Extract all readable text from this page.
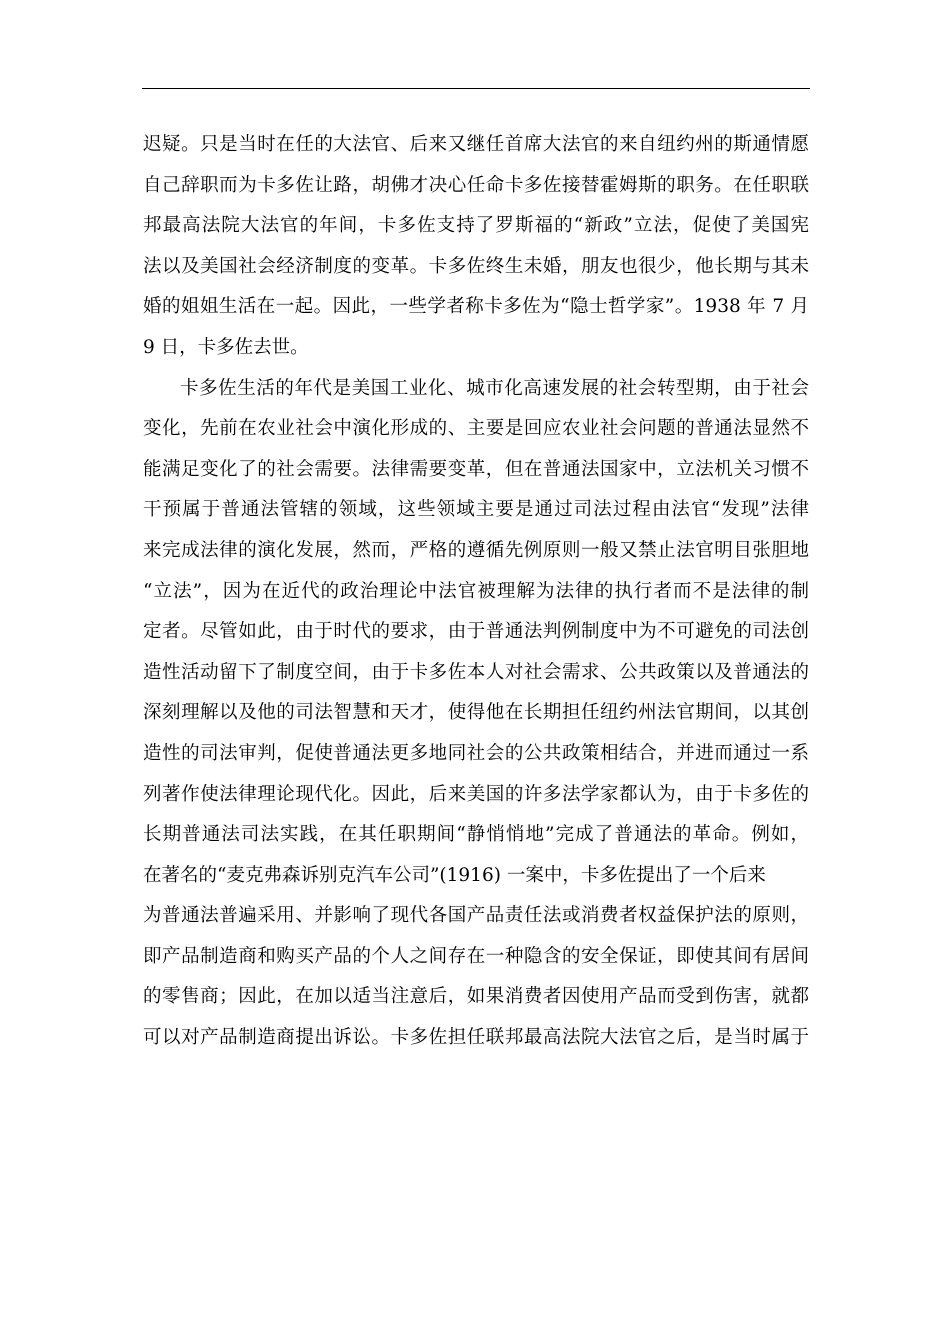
迟疑。只是当时在任的大法官、后来又继任首席大法官的来自纽约州的斯通情愿
自己辞职而为卡多佐让路，胡佛才决心任命卡多佐接替霍姆斯的职务。在任职联
邦最高法院大法官的年间，卡多佐支持了罗斯福的“新政”立法，促使了美国宪
法以及美国社会经济制度的变革。卡多佐终生未婚，朋友也很少，他长期与其未
婚的姐姐生活在一起。因此，一些学者称卡多佐为“隐士哲学家”。1938 年 7 月
9 日，卡多佐去世。
卡多佐生活的年代是美国工业化、城市化高速发展的社会转型期，由于社会
变化，先前在农业社会中演化形成的、主要是回应农业社会问题的普通法显然不
能满足变化了的社会需要。法律需要变革，但在普通法国家中，立法机关习惯不
干预属于普通法管辖的领域，这些领域主要是通过司法过程由法官“发现”法律
来完成法律的演化发展，然而，严格的遵循先例原则一般又禁止法官明目张胆地
“立法”，因为在近代的政治理论中法官被理解为法律的执行者而不是法律的制
定者。尽管如此，由于时代的要求，由于普通法判例制度中为不可避免的司法创
造性活动留下了制度空间，由于卡多佐本人对社会需求、公共政策以及普通法的
深刻理解以及他的司法智慧和天才，使得他在长期担任纽约州法官期间，以其创
造性的司法审判，促使普通法更多地同社会的公共政策相结合，并进而通过一系
列著作使法律理论现代化。因此，后来美国的许多法学家都认为，由于卡多佐的
长期普通法司法实践，在其任职期间“静悄悄地”完成了普通法的革命。例如，
在著名的“麦克弗森诉别克汽车公司”(1916) 一案中，卡多佐提出了一个后来
为普通法普遍采用、并影响了现代各国产品责任法或消费者权益保护法的原则，
即产品制造商和购买产品的个人之间存在一种隐含的安全保证，即使其间有居间
的零售商；因此，在加以适当注意后，如果消费者因使用产品而受到伤害，就都
可以对产品制造商提出诉讼。卡多佐担任联邦最高法院大法官之后，是当时属于
